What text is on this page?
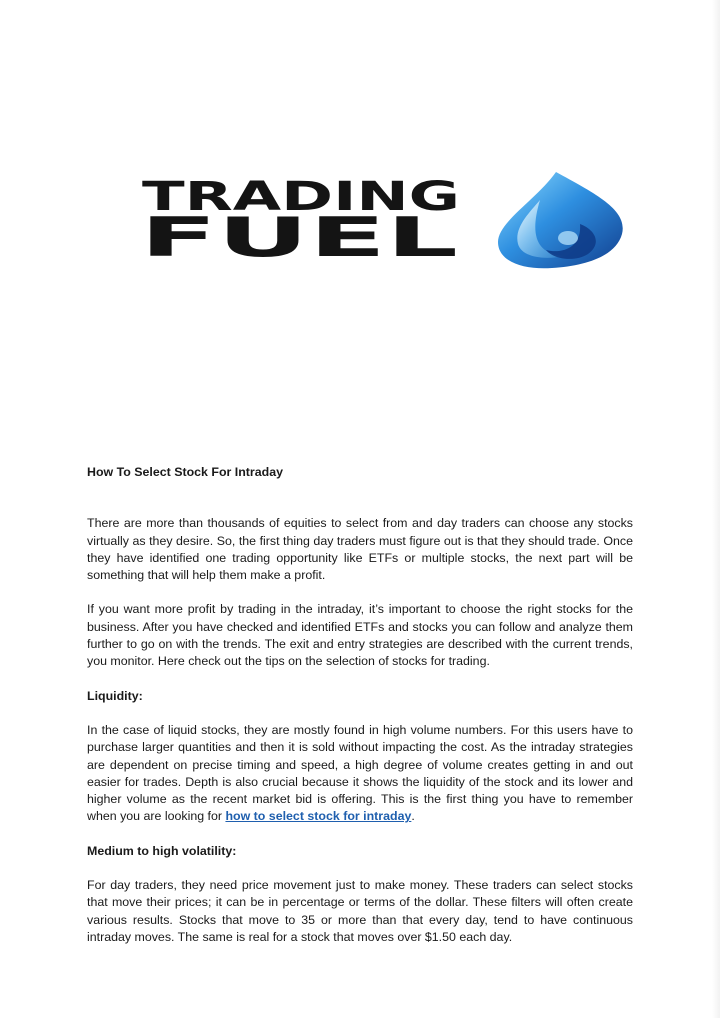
TRADING
FUEL

How To Select Stock For Intraday

There are more than thousands of equities to select from and day traders can choose any stocks virtually as they desire. So, the first thing day traders must figure out is that they should trade. Once they have identified one trading opportunity like ETFs or multiple stocks, the next part will be something that will help them make a profit.

If you want more profit by trading in the intraday, it’s important to choose the right stocks for the business. After you have checked and identified ETFs and stocks you can follow and analyze them further to go on with the trends. The exit and entry strategies are described with the current trends, you monitor. Here check out the tips on the selection of stocks for trading.

Liquidity:

In the case of liquid stocks, they are mostly found in high volume numbers. For this users have to purchase larger quantities and then it is sold without impacting the cost. As the intraday strategies are dependent on precise timing and speed, a high degree of volume creates getting in and out easier for trades. Depth is also crucial because it shows the liquidity of the stock and its lower and higher volume as the recent market bid is offering. This is the first thing you have to remember when you are looking for how to select stock for intraday.

Medium to high volatility:

For day traders, they need price movement just to make money. These traders can select stocks that move their prices; it can be in percentage or terms of the dollar. These filters will often create various results. Stocks that move to 35 or more than that every day, tend to have continuous intraday moves. The same is real for a stock that moves over $1.50 each day.
